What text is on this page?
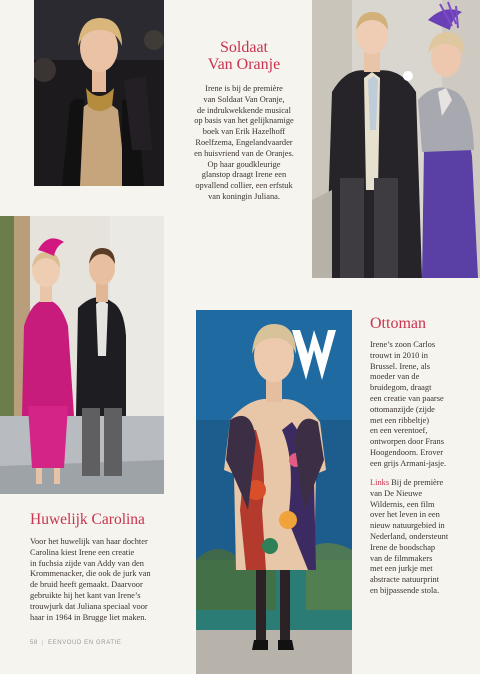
Soldaat
Van Oranje
Irene is bij de première
van Soldaat Van Oranje,
de indrukwekkende musical
op basis van het gelijknamige
boek van Erik Hazelhoff
Roelfzema, Engelandvaarder
en huisvriend van de Oranjes.
Op haar goudkleurige
glanstop draagt Irene een
opvallend collier, een erfstuk
van koningin Juliana.
Ottoman
Irene’s zoon Carlos
trouwt in 2010 in
Brussel. Irene, als
moeder van de
bruidegom, draagt
een creatie van paarse
ottomanzijde (zijde
met een ribbeltje)
en een verentoef,
ontworpen door Frans
Hoogendoorn. Erover
een grijs Armani-jasje.
Links Bij de première
van De Nieuwe
Wildernis, een film
over het leven in een
nieuw natuurgebied in
Nederland, ondersteunt
Irene de boodschap
van de filmmakers
met een jurkje met
abstracte natuurprint
en bijpassende stola.
Huwelijk Carolina
Voor het huwelijk van haar dochter
Carolina kiest Irene een creatie
in fuchsia zijde van Addy van den
Krommenacker, die ook de jurk van
de bruid heeft gemaakt. Daarvoor
gebruikte hij het kant van Irene’s
trouwjurk dat Juliana speciaal voor
haar in 1964 in Brugge liet maken.
58 | EENVOUD EN GRATIE
